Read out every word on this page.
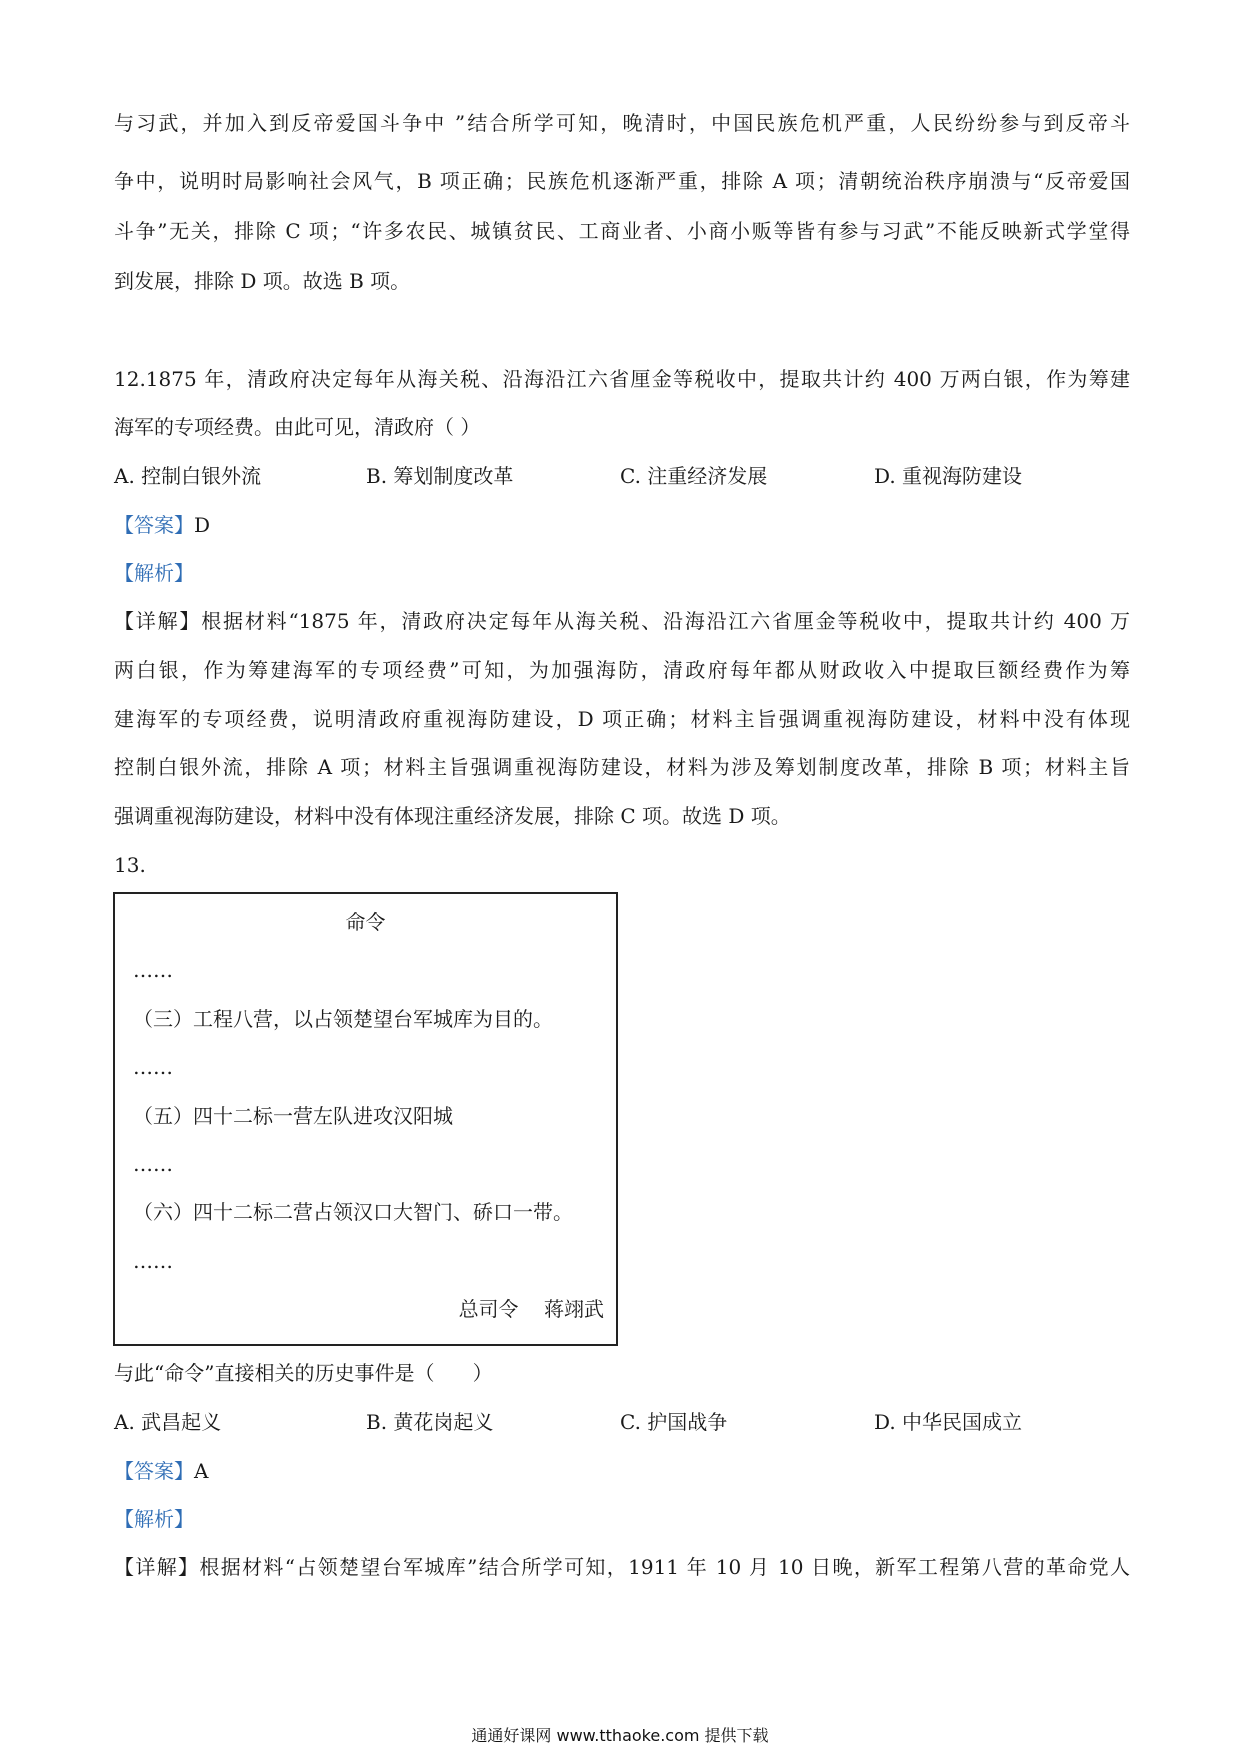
与习武，并加入到反帝爱国斗争中 ”结合所学可知，晚清时，中国民族危机严重，人民纷纷参与到反帝斗
争中，说明时局影响社会风气，B 项正确；民族危机逐渐严重，排除 A 项；清朝统治秩序崩溃与“反帝爱国
斗争”无关，排除 C 项；“许多农民、城镇贫民、工商业者、小商小贩等皆有参与习武”不能反映新式学堂得
到发展，排除 D 项。故选 B 项。
12.1875 年，清政府决定每年从海关税、沿海沿江六省厘金等税收中，提取共计约 400 万两白银，作为筹建
海军的专项经费。由此可见，清政府（ ）
A. 控制白银外流	B. 筹划制度改革	C. 注重经济发展	D. 重视海防建设
【答案】D
【解析】
【详解】根据材料“1875 年，清政府决定每年从海关税、沿海沿江六省厘金等税收中，提取共计约 400 万
两白银，作为筹建海军的专项经费”可知，为加强海防，清政府每年都从财政收入中提取巨额经费作为筹
建海军的专项经费，说明清政府重视海防建设，D 项正确；材料主旨强调重视海防建设，材料中没有体现
控制白银外流，排除 A 项；材料主旨强调重视海防建设，材料为涉及筹划制度改革，排除 B 项；材料主旨
强调重视海防建设，材料中没有体现注重经济发展，排除 C 项。故选 D 项。
13.
命令
……
（三）工程八营，以占领楚望台军城库为目的。
……
（五）四十二标一营左队进攻汉阳城
……
（六）四十二标二营占领汉口大智门、硚口一带。
……
总司令    蒋翊武
与此“命令”直接相关的历史事件是（      ）
A. 武昌起义	B. 黄花岗起义	C. 护国战争	D. 中华民国成立
【答案】A
【解析】
【详解】根据材料“占领楚望台军城库”结合所学可知，1911 年 10 月 10 日晚，新军工程第八营的革命党人
通通好课网 www.tthaoke.com 提供下载
